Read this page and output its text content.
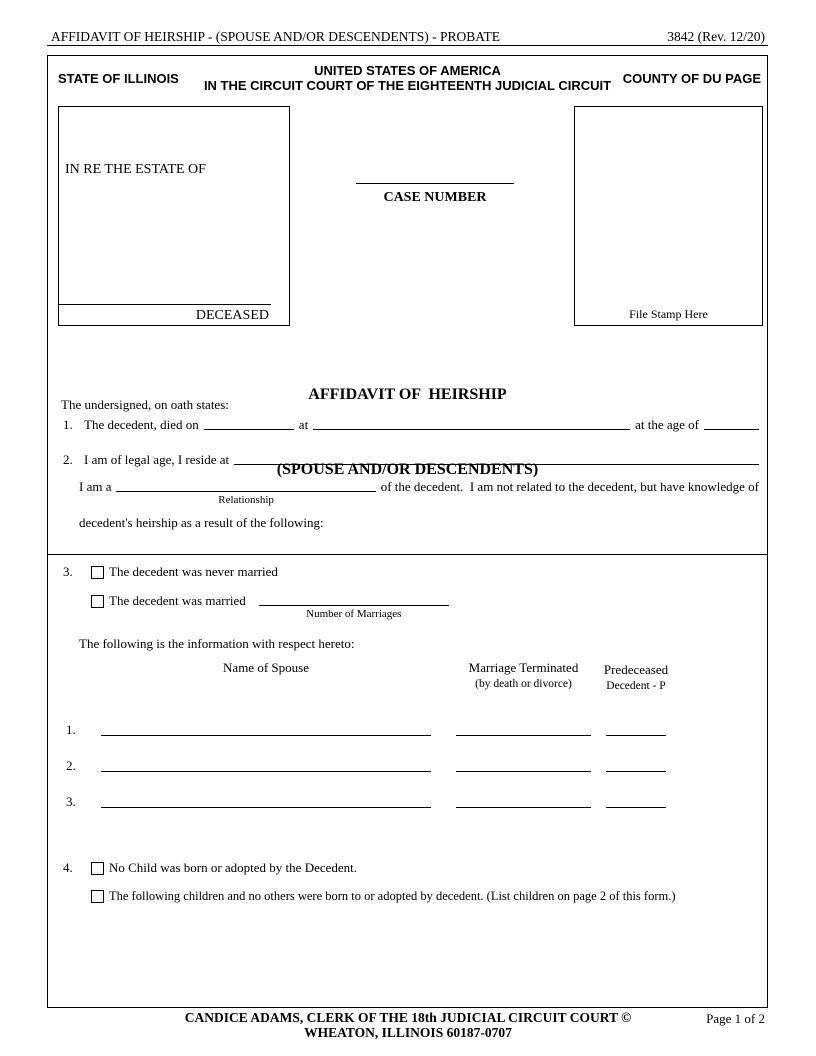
AFFIDAVIT OF HEIRSHIP - (SPOUSE AND/OR DESCENDENTS) - PROBATE	3842 (Rev. 12/20)
STATE OF ILLINOIS
UNITED STATES OF AMERICA
IN THE CIRCUIT COURT OF THE EIGHTEENTH JUDICIAL CIRCUIT COUNTY OF DU PAGE
IN RE THE ESTATE OF
DECEASED
CASE NUMBER
File Stamp Here

AFFIDAVIT OF  HEIRSHIP

(SPOUSE AND/OR DESCENDENTS)

The undersigned, on oath states:
1. The decedent, died on	at	at the age of
2. I am of legal age, I reside at
I am a
Relationship
of the decedent.  I am not related to the decedent, but have knowledge of
decedent's heirship as a result of the following:
3.	The decedent was never married
The decedent was married
Number of Marriages
The following is the information with respect hereto:
Name of Spouse	Marriage Terminated
(by death or divorce)
Predeceased
Decedent - P
1.
2.
3.
4.	No Child was born or adopted by the Decedent.
The following children and no others were born to or adopted by decedent. (List children on page 2 of this form.)
CANDICE ADAMS, CLERK OF THE 18th JUDICIAL CIRCUIT COURT ©
WHEATON, ILLINOIS 60187-0707
Page 1 of 2
